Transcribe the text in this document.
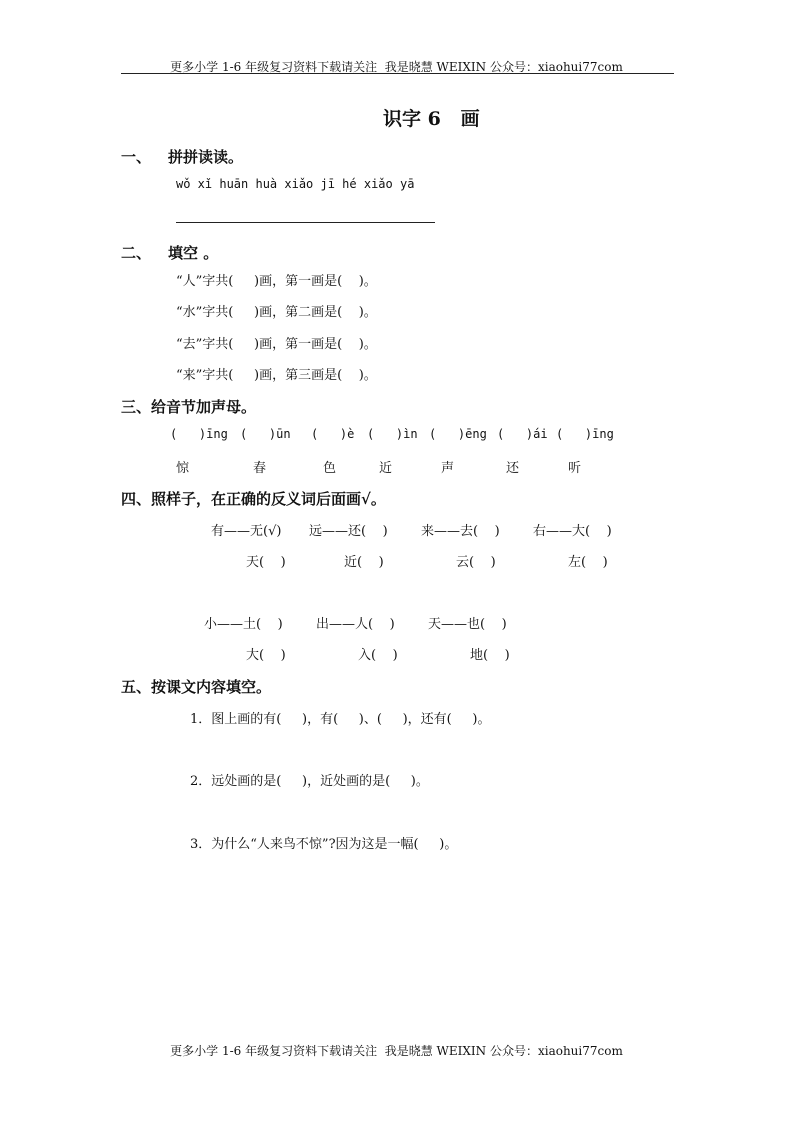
更多小学 1-6 年级复习资料下载请关注  我是晓慧 WEIXIN 公众号：xiaohui77com
识字 6   画
一、 拼拼读读。
wǒ xǐ huān huà xiǎo jī hé xiǎo yā
二、 填空 。
“人”字共(     )画，第一画是(    )。
“水”字共(     )画，第二画是(    )。
“去”字共(     )画，第一画是(    )。
“来”字共(     )画，第三画是(    )。
三、给音节加声母。
(   )īng (   )ūn (   )è (   )ìn (   )ēng (   )ái (   )īng
惊	春	色	近	声	还	听
四、照样子，在正确的反义词后面画√。
有——无(√) 远——还(    )	来——去(    )	右——大(    )
天(    )	近(    )	云(    )	左(    )
小——土(    )	出——人(    )	天——也(    )
大(    )	入(    )	地(    )
五、按课文内容填空。
1．图上画的有(     )，有(     )、(     )，还有(     )。
2．远处画的是(     )，近处画的是(     )。
3．为什么“人来鸟不惊”?因为这是一幅(     )。
更多小学 1-6 年级复习资料下载请关注  我是晓慧 WEIXIN 公众号：xiaohui77com
